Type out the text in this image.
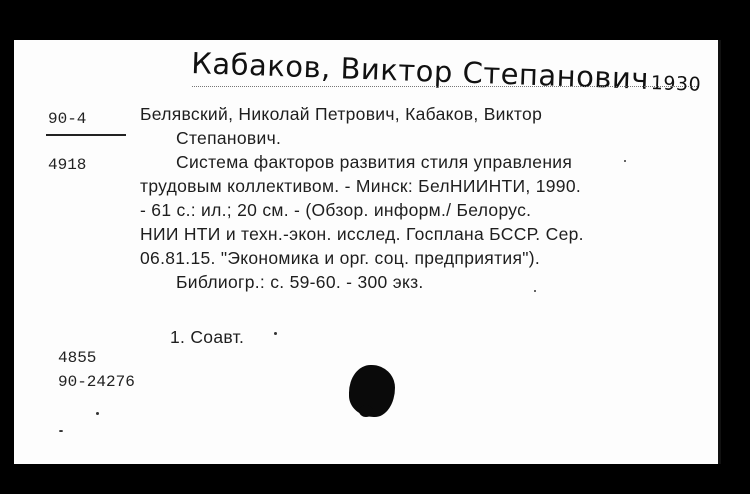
Кабаков, Виктор Степанович1930
90-4
4918
Белявский, Николай Петрович, Кабаков, Виктор
Степанович.
Система факторов развития стиля управления
трудовым коллективом. - Минск: БелНИИНТИ, 1990.
- 61 с.: ил.; 20 см. - (Обзор. информ./ Белорус.
НИИ НТИ и техн.-экон. исслед. Госплана БССР. Сер.
06.81.15. "Экономика и орг. соц. предприятия").
Библиогр.: с. 59-60. - 300 экз.
1. Соавт.
4855
90-24276
